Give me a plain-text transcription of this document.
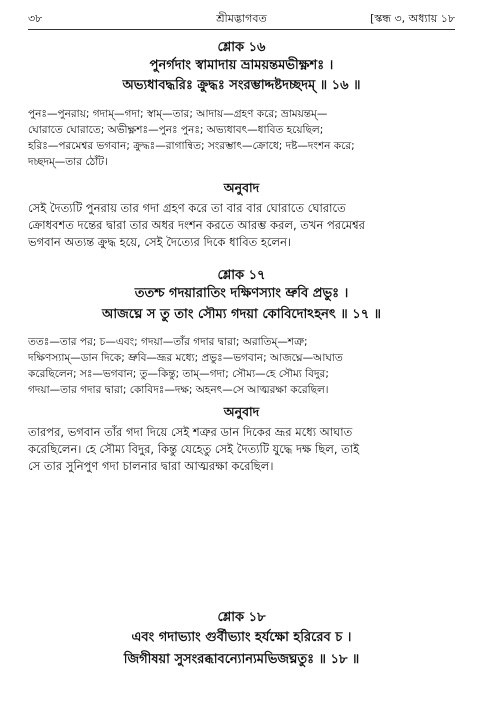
৩৮	শ্রীমদ্ভাগবত	[স্কন্ধ ৩, অধ্যায় ১৮
শ্লোক ১৬
পুনর্গদাং স্বামাদায় ভ্রাময়ন্তমভীক্ষ্ণশঃ ।
অভ্যধাবদ্ধরিঃ ক্রুদ্ধঃ সংরম্ভাদ্দষ্টদচ্ছদম্ ॥ ১৬ ॥
পুনঃ—পুনরায়; গদাম্—গদা; স্বাম্—তার; আদায়—গ্রহণ করে; ভ্রাময়ন্তম্—
ঘোরাতে ঘোরাতে; অভীক্ষ্ণশঃ—পুনঃ পুনঃ; অভ্যধাবৎ—ধাবিত হয়েছিল;
হরিঃ—পরমেশ্বর ভগবান; ক্রুদ্ধঃ—রাগান্বিত; সংরম্ভাৎ—ক্রোধে; দষ্ট—দংশন করে;
দচ্ছদম্—তার ঠোঁট।
অনুবাদ
সেই দৈত্যটি পুনরায় তার গদা গ্রহণ করে তা বার বার ঘোরাতে ঘোরাতে
ক্রোধবশত দন্তের দ্বারা তার অধর দংশন করতে আরম্ভ করল, তখন পরমেশ্বর
ভগবান অত্যন্ত ক্রুদ্ধ হয়ে, সেই দৈত্যের দিকে ধাবিত হলেন।
শ্লোক ১৭
ততশ্চ গদয়ারাতিং দক্ষিণস্যাং ভ্রুবি প্রভুঃ ।
আজঘ্নে স তু তাং সৌম্য গদয়া কোবিদোঽহনৎ ॥ ১৭ ॥
ততঃ—তার পর; চ—এবং; গদয়া—তাঁর গদার দ্বারা; অরাতিম্—শত্রু;
দক্ষিণস্যাম্—ডান দিকে; ভ্রুবি—ভ্রূর মধ্যে; প্রভুঃ—ভগবান; আজঘ্নে—আঘাত
করেছিলেন; সঃ—ভগবান; তু—কিন্তু; তাম্—গদা; সৌম্য—হে সৌম্য বিদুর;
গদয়া—তার গদার দ্বারা; কোবিদঃ—দক্ষ; অহনৎ—সে আত্মরক্ষা করেছিল।
অনুবাদ
তারপর, ভগবান তাঁর গদা দিয়ে সেই শত্রুর ডান দিকের ভ্রূর মধ্যে আঘাত
করেছিলেন। হে সৌম্য বিদুর, কিন্তু যেহেতু সেই দৈত্যটি যুদ্ধে দক্ষ ছিল, তাই
সে তার সুনিপুণ গদা চালনার দ্বারা আত্মরক্ষা করেছিল।
শ্লোক ১৮
এবং গদাভ্যাং গুর্বীভ্যাং হর্যক্ষো হরিরেব চ ।
জিগীষয়া সুসংরব্ধাবন্যোন্যমভিজঘ্নতুঃ ॥ ১৮ ॥
